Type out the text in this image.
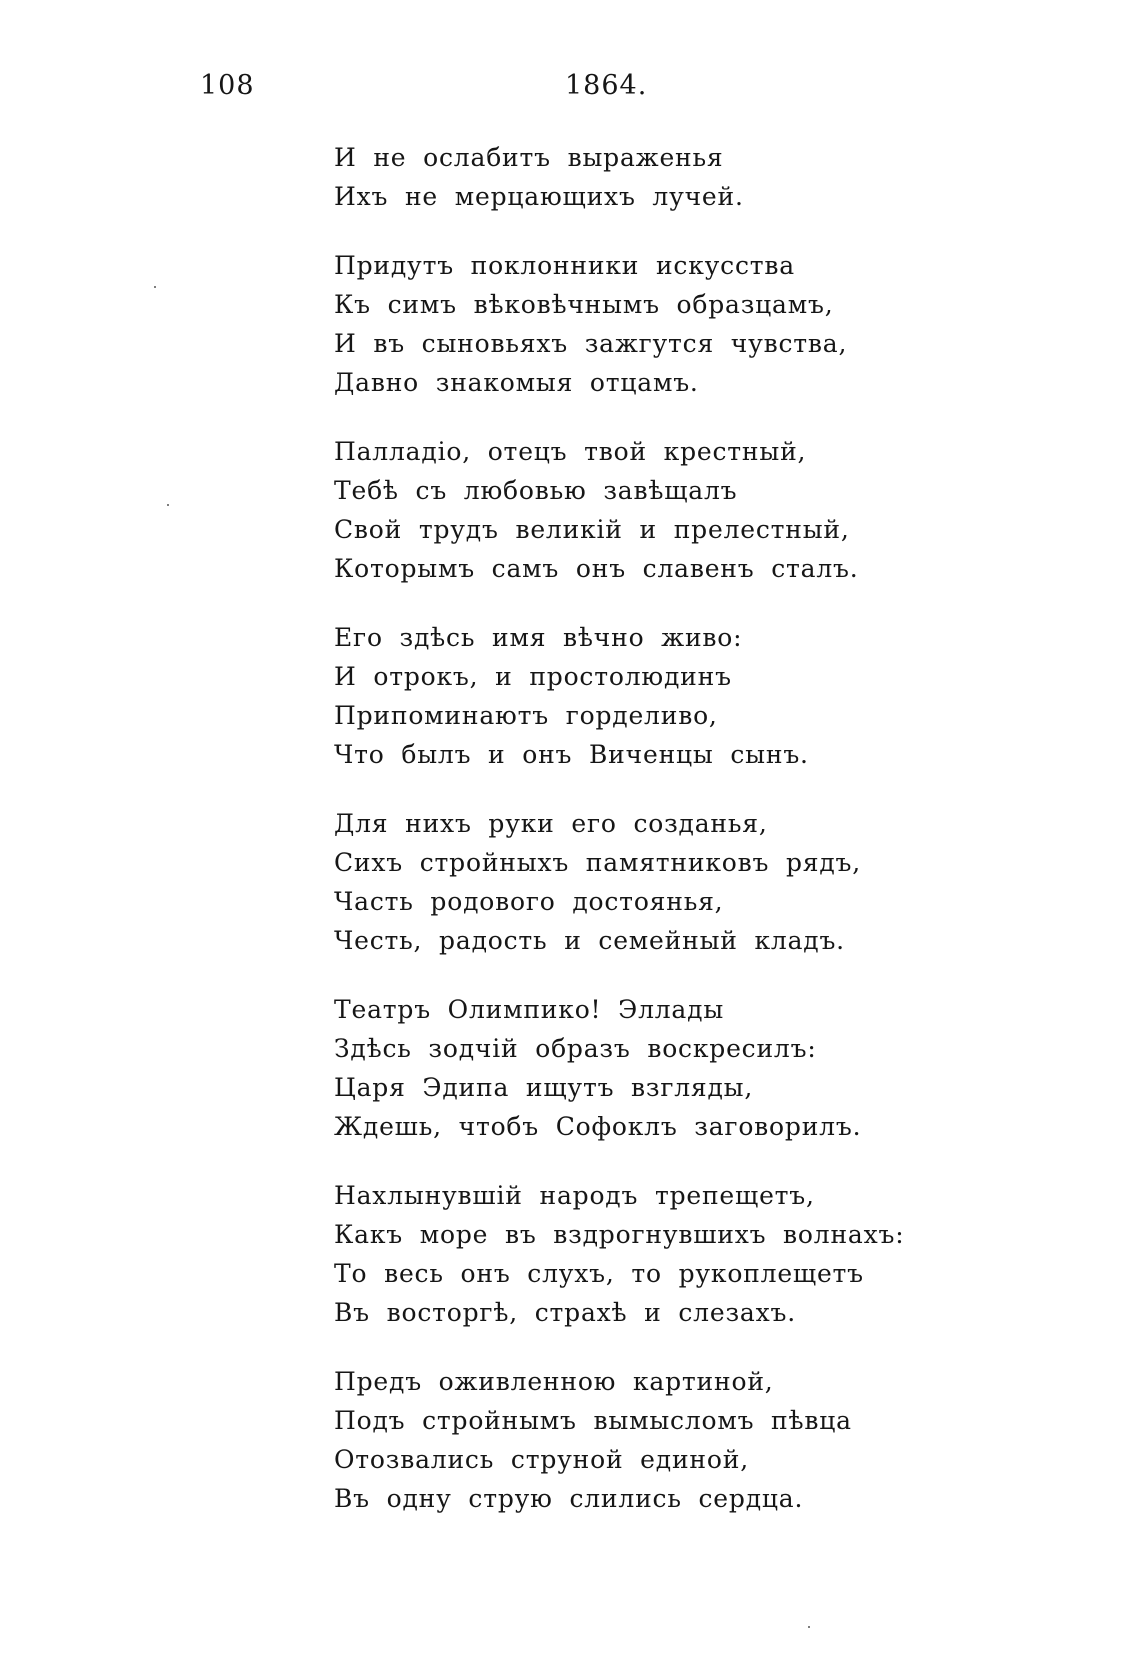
108	1864.
И не ослабитъ выраженья
Ихъ не мерцающихъ лучей.
Придутъ поклонники искусства
Къ симъ вѣковѣчнымъ образцамъ,
И въ сыновьяхъ зажгутся чувства,
Давно знакомыя отцамъ.
Палладіо, отецъ твой крестный,
Тебѣ съ любовью завѣщалъ
Свой трудъ великій и прелестный,
Которымъ самъ онъ славенъ сталъ.
Его здѣсь имя вѣчно живо:
И отрокъ, и простолюдинъ
Припоминаютъ горделиво,
Что былъ и онъ Виченцы сынъ.
Для нихъ руки его созданья,
Сихъ стройныхъ памятниковъ рядъ,
Часть родового достоянья,
Честь, радость и семейный кладъ.
Театръ Олимпико! Эллады
Здѣсь зодчій образъ воскресилъ:
Царя Эдипа ищутъ взгляды,
Ждешь, чтобъ Софоклъ заговорилъ.
Нахлынувшій народъ трепещетъ,
Какъ море въ вздрогнувшихъ волнахъ:
То весь онъ слухъ, то рукоплещетъ
Въ восторгѣ, страхѣ и слезахъ.
Предъ оживленною картиной,
Подъ стройнымъ вымысломъ пѣвца
Отозвались струной единой,
Въ одну струю слились сердца.
